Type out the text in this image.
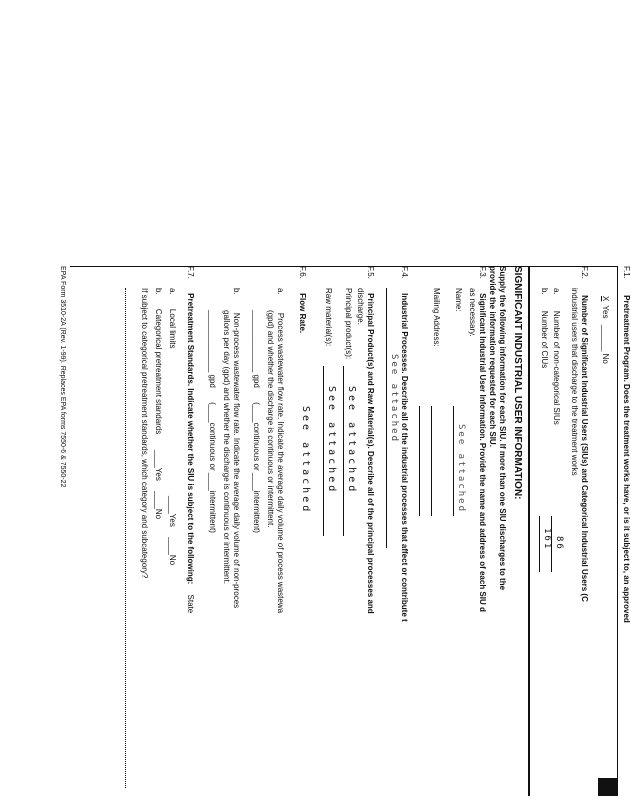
F.1. Pretreatment Program. Does the treatment works have, or is it subject to, an approved
X Yes ______ No
F.2. Number of Significant Industrial Users (SIUs) and Categorical Industrial Users (C
industrial users that discharge to the treatment works
a. Number of non-categorical SIUs
86
b. Number of CIUs
161
SIGNIFICANT INDUSTRIAL USER INFORMATION:
Supply the following information for each SIU. If more than one SIU discharges to the
provide the information requested for each SIU.
F.3. Significant Industrial User Information. Provide the name and address of each SIU d
as necessary.
Name:
See attached
Mailing Address:
F.4. Industrial Processes. Describe all of the industrial processes that affect or contribute t
See attached
F.5. Principal Product(s) and Raw Material(s). Describe all of the principal processes and
discharge.
Principal product(s):
See attached
Raw material(s):
See attached
F.6. Flow Rate.
See attached
a. Process wastewater flow rate. Indicate the average daily volume of process wastewa
(gpd) and whether the discharge is continuous or intermittent.
______________ gpd (____continuous or ____intermittent)
b. Non-process wastewater flow rate. Indicate the average daily volume of non-proces
gallons per day (gpd) and whether the discharge is continuous or intermittent.
______________ gpd (____continuous or ____intermittent)
F.7. Pretreatment Standards. Indicate whether the SIU is subject to the following: State
a. Local limits
____Yes ____No
b. Categorical pretreatment standards
____Yes ____No
If subject to categorical pretreatment standards, which category and subcategory?
EPA Form 3510-2A (Rev. 1-99). Replaces EPA forms 7550-6 & 7550-22
